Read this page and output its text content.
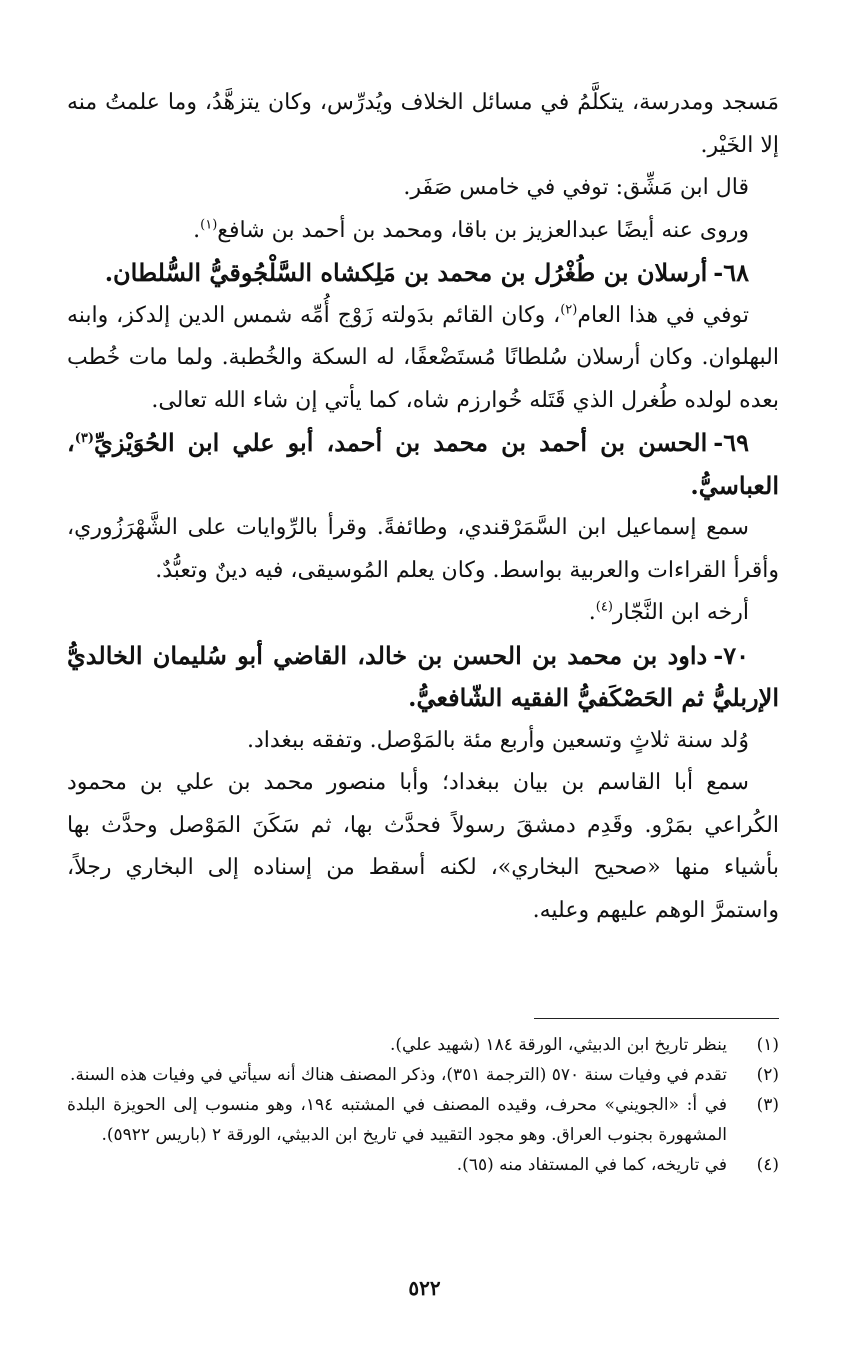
مَسجد ومدرسة، يتكلَّمُ في مسائل الخلاف ويُدرِّس، وكان يتزهَّدُ، وما علمتُ منه إلا الخَيْر.

قال ابن مَشِّق: توفي في خامس صَفَر.

وروى عنه أيضًا عبدالعزيز بن باقا، ومحمد بن أحمد بن شافع$^{(١)}$.

٦٨-أرسلان بن طُغْرُل بن محمد بن مَلِكشاه السَّلْجُوقيُّ السُّلطان.

توفي في هذا العام$^{(٢)}$، وكان القائم بدَولته زَوْج أُمِّه شمس الدين إلدكز، وابنه البهلوان. وكان أرسلان سُلطانًا مُستَضْعفًا، له السكة والخُطبة. ولما مات خُطب بعده لولده طُغرل الذي قَتَله خُوارزم شاه، كما يأتي إن شاء الله تعالى.

٦٩-الحسن بن أحمد بن محمد بن أحمد، أبو علي ابن الحُوَيْزيِّ$^{(٣)}$، العباسيُّ.

سمع إسماعيل ابن السَّمَرْقندي، وطائفةً. وقرأ بالرِّوايات على الشَّهْرَزُوري، وأقرأ القراءات والعربية بواسط. وكان يعلم المُوسيقى، فيه دينٌ وتعبُّدٌ.

أرخه ابن النَّجّار$^{(٤)}$.

٧٠-داود بن محمد بن الحسن بن خالد، القاضي أبو سُليمان الخالديُّ الإربليُّ ثم الحَصْكَفيُّ الفقيه الشّافعيُّ.

وُلد سنة ثلاثٍ وتسعين وأربع مئة بالمَوْصل. وتفقه ببغداد.

سمع أبا القاسم بن بيان ببغداد؛ وأبا منصور محمد بن علي بن محمود الكُراعي بمَرْو. وقَدِم دمشقَ رسولاً فحدَّث بها، ثم سَكَنَ المَوْصل وحدَّث بها بأشياء منها «صحيح البخاري»، لكنه أسقط من إسناده إلى البخاري رجلاً، واستمرَّ الوهم عليهم وعليه.

(١)
ينظر تاريخ ابن الدبيثي، الورقة ١٨٤ (شهيد علي).
(٢)
تقدم في وفيات سنة ٥٧٠ (الترجمة ٣٥١)، وذكر المصنف هناك أنه سيأتي في وفيات هذه السنة.
(٣)
في أ: «الجويني» محرف، وقيده المصنف في المشتبه ١٩٤، وهو منسوب إلى الحويزة البلدة المشهورة بجنوب العراق. وهو مجود التقييد في تاريخ ابن الدبيثي، الورقة ٢ (باريس ٥٩٢٢).
(٤)
في تاريخه، كما في المستفاد منه (٦٥).
٥٢٢
